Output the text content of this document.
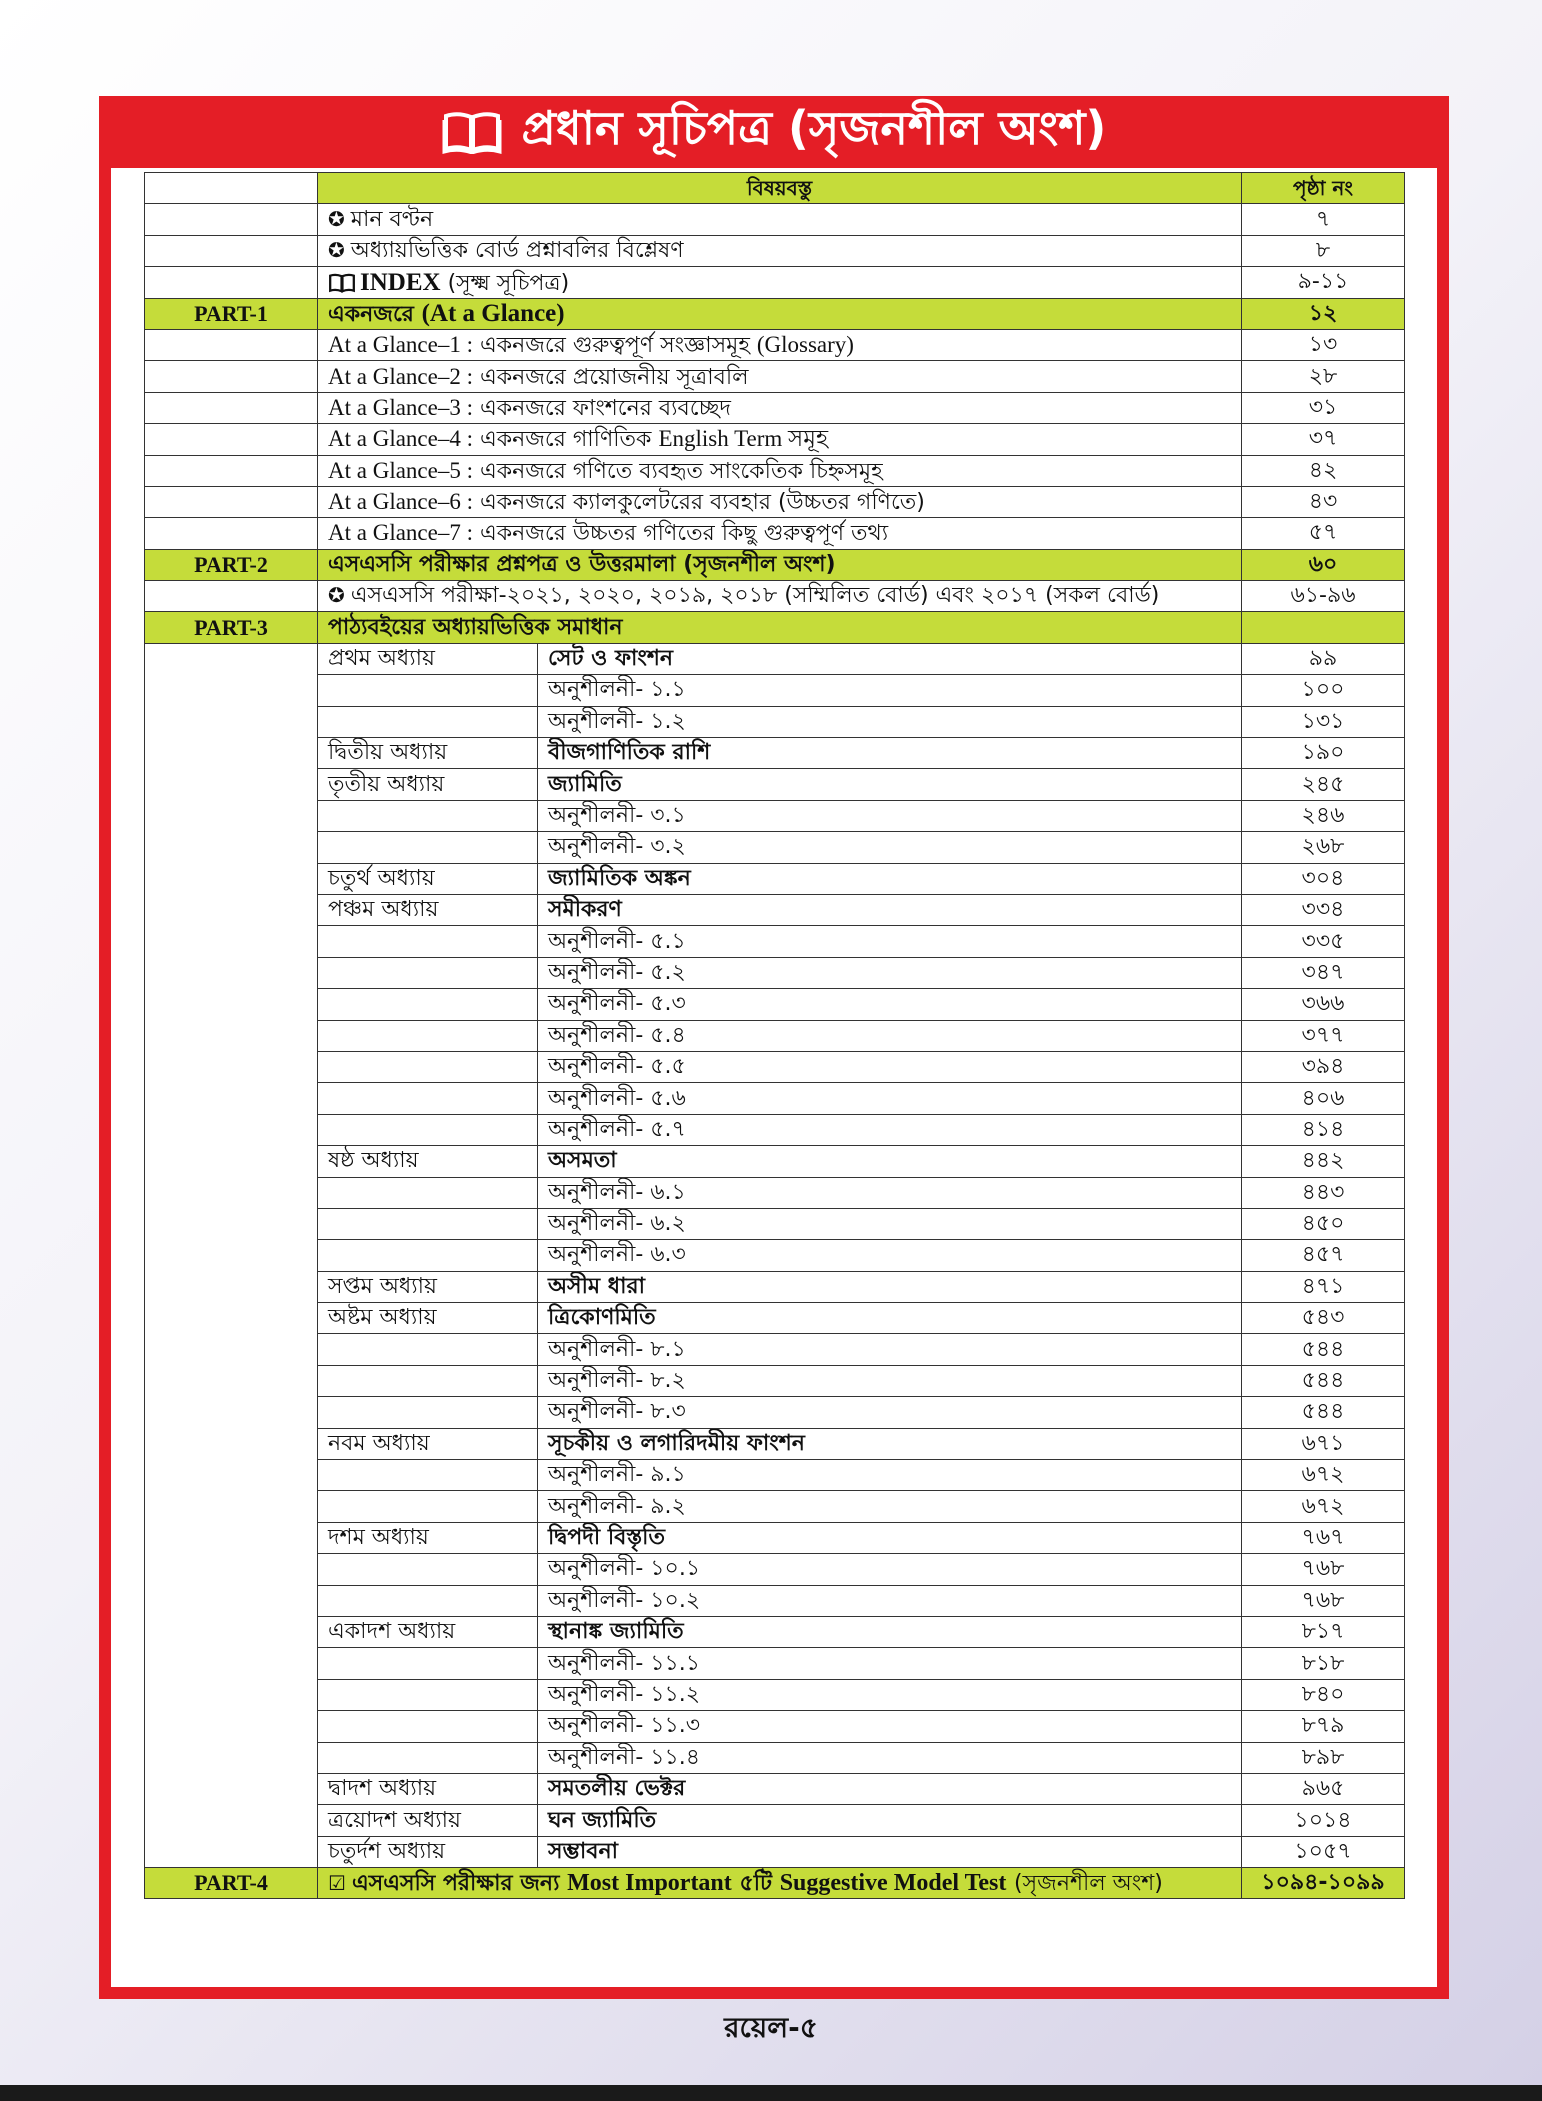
প্রধান সূচিপত্র (সৃজনশীল অংশ)
	বিষয়বস্তু		পৃষ্ঠা নং
	✪ মান বণ্টন		৭
	✪ অধ্যায়ভিত্তিক বোর্ড প্রশ্নাবলির বিশ্লেষণ		৮
	INDEX (সূক্ষ্ম সূচিপত্র)		৯-১১
PART-1	একনজরে (At a Glance)		১২
	At a Glance–1 : একনজরে গুরুত্বপূর্ণ সংজ্ঞাসমূহ (Glossary)		১৩
	At a Glance–2 : একনজরে প্রয়োজনীয় সূত্রাবলি		২৮
	At a Glance–3 : একনজরে ফাংশনের ব্যবচ্ছেদ		৩১
	At a Glance–4 : একনজরে গাণিতিক English Term সমূহ		৩৭
	At a Glance–5 : একনজরে গণিতে ব্যবহৃত সাংকেতিক চিহ্নসমূহ		৪২
	At a Glance–6 : একনজরে ক্যালকুলেটরের ব্যবহার (উচ্চতর গণিতে)		৪৩
	At a Glance–7 : একনজরে উচ্চতর গণিতের কিছু গুরুত্বপূর্ণ তথ্য		৫৭
PART-2	এসএসসি পরীক্ষার প্রশ্নপত্র ও উত্তরমালা (সৃজনশীল অংশ)		৬০
	✪ এসএসসি পরীক্ষা-২০২১, ২০২০, ২০১৯, ২০১৮ (সম্মিলিত বোর্ড) এবং ২০১৭ (সকল বোর্ড)		৬১-৯৬
PART-3	পাঠ্যবইয়ের অধ্যায়ভিত্তিক সমাধান		
	প্রথম অধ্যায়	সেট ও ফাংশন	৯৯
		অনুশীলনী- ১.১	১০০
		অনুশীলনী- ১.২	১৩১
	দ্বিতীয় অধ্যায়	বীজগাণিতিক রাশি	১৯০
	তৃতীয় অধ্যায়	জ্যামিতি	২৪৫
		অনুশীলনী- ৩.১	২৪৬
		অনুশীলনী- ৩.২	২৬৮
	চতুর্থ অধ্যায়	জ্যামিতিক অঙ্কন	৩০৪
	পঞ্চম অধ্যায়	সমীকরণ	৩৩৪
		অনুশীলনী- ৫.১	৩৩৫
		অনুশীলনী- ৫.২	৩৪৭
		অনুশীলনী- ৫.৩	৩৬৬
		অনুশীলনী- ৫.৪	৩৭৭
		অনুশীলনী- ৫.৫	৩৯৪
		অনুশীলনী- ৫.৬	৪০৬
		অনুশীলনী- ৫.৭	৪১৪
	ষষ্ঠ অধ্যায়	অসমতা	৪৪২
		অনুশীলনী- ৬.১	৪৪৩
		অনুশীলনী- ৬.২	৪৫০
		অনুশীলনী- ৬.৩	৪৫৭
	সপ্তম অধ্যায়	অসীম ধারা	৪৭১
	অষ্টম অধ্যায়	ত্রিকোণমিতি	৫৪৩
		অনুশীলনী- ৮.১	৫৪৪
		অনুশীলনী- ৮.২	৫৪৪
		অনুশীলনী- ৮.৩	৫৪৪
	নবম অধ্যায়	সূচকীয় ও লগারিদমীয় ফাংশন	৬৭১
		অনুশীলনী- ৯.১	৬৭২
		অনুশীলনী- ৯.২	৬৭২
	দশম অধ্যায়	দ্বিপদী বিস্তৃতি	৭৬৭
		অনুশীলনী- ১০.১	৭৬৮
		অনুশীলনী- ১০.২	৭৬৮
	একাদশ অধ্যায়	স্থানাঙ্ক জ্যামিতি	৮১৭
		অনুশীলনী- ১১.১	৮১৮
		অনুশীলনী- ১১.২	৮৪০
		অনুশীলনী- ১১.৩	৮৭৯
		অনুশীলনী- ১১.৪	৮৯৮
	দ্বাদশ অধ্যায়	সমতলীয় ভেক্টর	৯৬৫
	ত্রয়োদশ অধ্যায়	ঘন জ্যামিতি	১০১৪
	চতুর্দশ অধ্যায়	সম্ভাবনা	১০৫৭
PART-4	☑ এসএসসি পরীক্ষার জন্য Most Important ৫টি Suggestive Model Test (সৃজনশীল অংশ)		১০৯৪-১০৯৯
রয়েল-৫
